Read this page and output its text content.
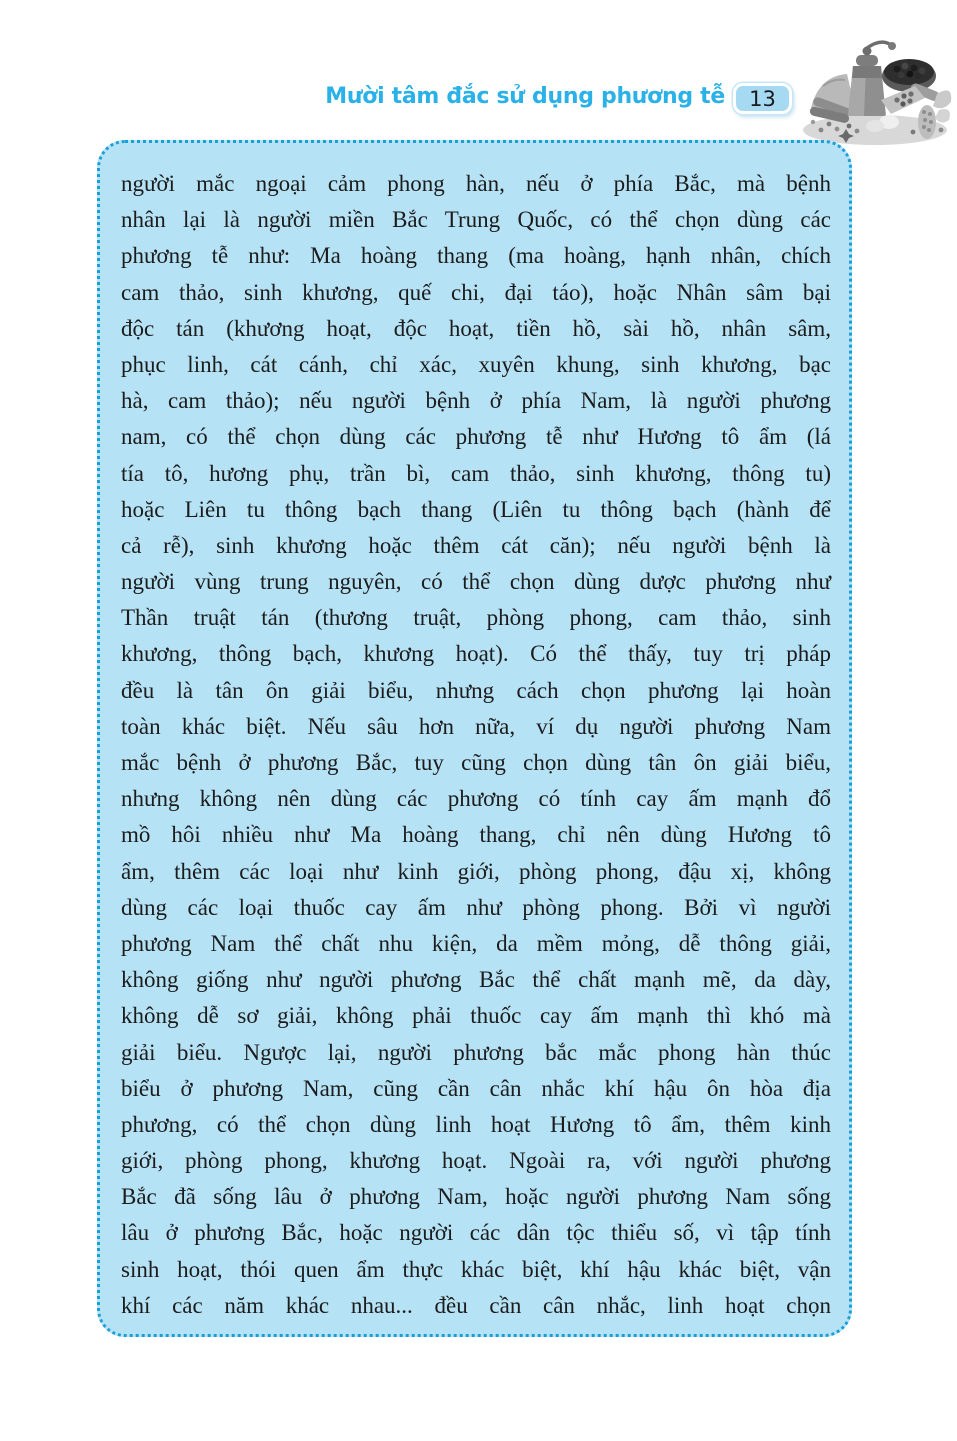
Mười tâm đắc sử dụng phương tễ 13
người mắc ngoại cảm phong hàn, nếu ở phía Bắc, mà bệnh
nhân lại là người miền Bắc Trung Quốc, có thể chọn dùng các
phương tễ như: Ma hoàng thang (ma hoàng, hạnh nhân, chích
cam thảo, sinh khương, quế chi, đại táo), hoặc Nhân sâm bại
độc tán (khương hoạt, độc hoạt, tiền hồ, sài hồ, nhân sâm,
phục linh, cát cánh, chỉ xác, xuyên khung, sinh khương, bạc
hà, cam thảo); nếu người bệnh ở phía Nam, là người phương
nam, có thể chọn dùng các phương tễ như Hương tô ẩm (lá
tía tô, hương phụ, trần bì, cam thảo, sinh khương, thông tu)
hoặc Liên tu thông bạch thang (Liên tu thông bạch (hành để
cả rễ), sinh khương hoặc thêm cát căn); nếu người bệnh là
người vùng trung nguyên, có thể chọn dùng dược phương như
Thần truật tán (thương truật, phòng phong, cam thảo, sinh
khương, thông bạch, khương hoạt). Có thể thấy, tuy trị pháp
đều là tân ôn giải biểu, nhưng cách chọn phương lại hoàn
toàn khác biệt. Nếu sâu hơn nữa, ví dụ người phương Nam
mắc bệnh ở phương Bắc, tuy cũng chọn dùng tân ôn giải biểu,
nhưng không nên dùng các phương có tính cay ấm mạnh đổ
mồ hôi nhiều như Ma hoàng thang, chỉ nên dùng Hương tô
ẩm, thêm các loại như kinh giới, phòng phong, đậu xị, không
dùng các loại thuốc cay ấm như phòng phong. Bởi vì người
phương Nam thể chất nhu kiện, da mềm mỏng, dễ thông giải,
không giống như người phương Bắc thể chất mạnh mẽ, da dày,
không dễ sơ giải, không phải thuốc cay ấm mạnh thì khó mà
giải biểu. Ngược lại, người phương bắc mắc phong hàn thúc
biểu ở phương Nam, cũng cần cân nhắc khí hậu ôn hòa địa
phương, có thể chọn dùng linh hoạt Hương tô ẩm, thêm kinh
giới, phòng phong, khương hoạt. Ngoài ra, với người phương
Bắc đã sống lâu ở phương Nam, hoặc người phương Nam sống
lâu ở phương Bắc, hoặc người các dân tộc thiểu số, vì tập tính
sinh hoạt, thói quen ẩm thực khác biệt, khí hậu khác biệt, vận
khí các năm khác nhau... đều cần cân nhắc, linh hoạt chọn
